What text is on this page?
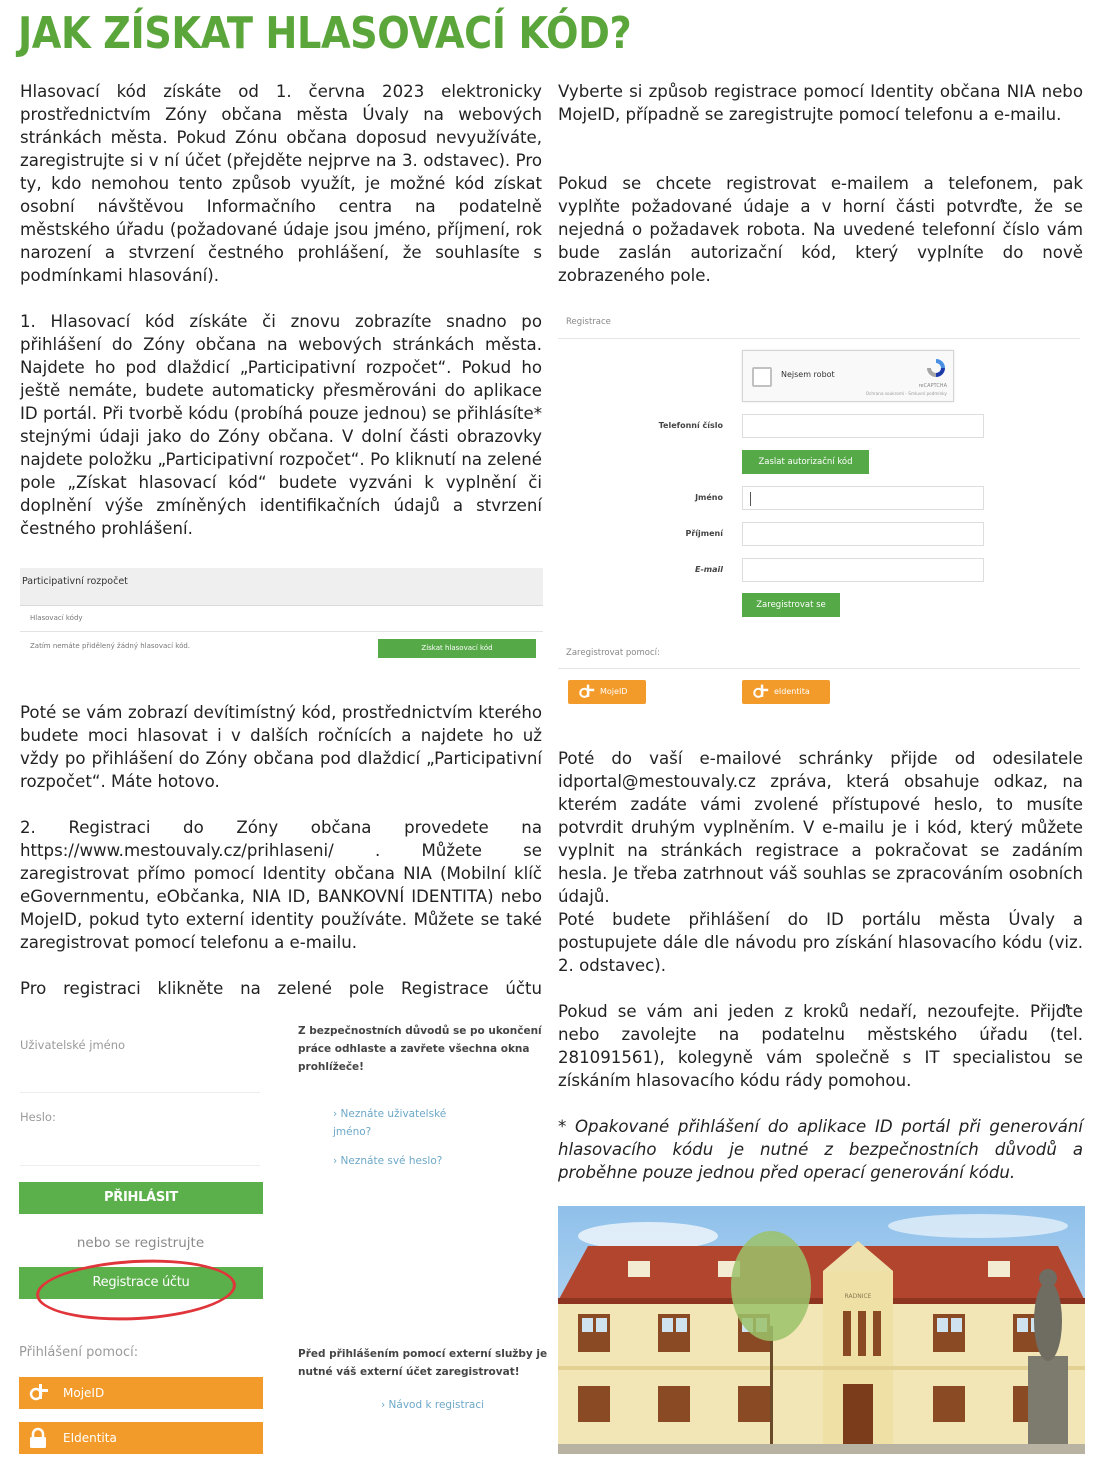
JAK ZÍSKAT HLASOVACÍ KÓD?
Hlasovací kód získáte od 1. června 2023 elektronicky prostřednictvím Zóny občana města Úvaly na webových stránkách města. Pokud Zónu občana doposud nevyužíváte, zaregistrujte si v ní účet (přejděte nejprve na 3. odstavec). Pro ty, kdo nemohou tento způsob využít, je možné kód získat osobní návštěvou Informačního centra na podatelně městského úřadu (požadované údaje jsou jméno, příjmení, rok narození a stvrzení čestného prohlášení, že souhlasíte s podmínkami hlasování).
1. Hlasovací kód získáte či znovu zobrazíte snadno po přihlášení do Zóny občana na webových stránkách města. Najdete ho pod dlaždicí „Participativní rozpočet“. Pokud ho ještě nemáte, budete automaticky přesměrováni do aplikace ID portál. Při tvorbě kódu (probíhá pouze jednou) se přihlásíte* stejnými údaji jako do Zóny občana. V dolní části obrazovky najdete položku „Participativní rozpočet“. Po kliknutí na zelené pole „Získat hlasovací kód“ budete vyzváni k vyplnění či doplnění výše zmíněných identifikačních údajů a stvrzení čestného prohlášení.
Participativní rozpočet
Hlasovací kódy
Zatím nemáte přidělený žádný hlasovací kód.	Získat hlasovací kód
Poté se vám zobrazí devítimístný kód, prostřednictvím kterého budete moci hlasovat i v dalších ročnících a najdete ho už vždy po přihlášení do Zóny občana pod dlaždicí „Participativní rozpočet“. Máte hotovo.
2. Registraci do Zóny občana provedete na https://www.mestouvaly.cz/prihlaseni/ . Můžete se zaregistrovat přímo pomocí Identity občana NIA (Mobilní klíč eGovernmentu, eObčanka, NIA ID, BANKOVNÍ IDENTITA) nebo MojeID, pokud tyto externí identity používáte. Můžete se také zaregistrovat pomocí telefonu a e-mailu.
Pro registraci klikněte na zelené pole Registrace účtu
Uživatelské jméno
Heslo:
PŘIHLÁSIT
nebo se registrujte
Registrace účtu
Přihlášení pomocí:
MojeID
EIdentita
Z bezpečnostních důvodů se po ukončení práce odhlaste a zavřete všechna okna prohlížeče!
› Neznáte uživatelské jméno?
› Neznáte své heslo?
Před přihlášením pomocí externí služby je nutné váš externí účet zaregistrovat!
› Návod k registraci
Vyberte si způsob registrace pomocí Identity občana NIA nebo MojeID, případně se zaregistrujte pomocí telefonu a e-mailu.
Pokud se chcete registrovat e-mailem a telefonem, pak vyplňte požadované údaje a v horní části potvrďte, že se nejedná o požadavek robota. Na uvedené telefonní číslo vám bude zaslán autorizační kód, který vyplníte do nově zobrazeného pole.
Registrace
Nejsem robot
reCAPTCHA
Ochrana soukromí - Smluvní podmínky
Telefonní číslo
Zaslat autorizační kód
Jméno
Příjmení
E-mail
Zaregistrovat se
Zaregistrovat pomocí:
MojeID	eIdentita
Poté do vaší e-mailové schránky přijde od odesilatele idportal@mestouvaly.cz zpráva, která obsahuje odkaz, na kterém zadáte vámi zvolené přístupové heslo, to musíte potvrdit druhým vyplněním. V e-mailu je i kód, který můžete vyplnit na stránkách registrace a pokračovat se zadáním hesla. Je třeba zatrhnout váš souhlas se zpracováním osobních údajů.
Poté budete přihlášení do ID portálu města Úvaly a postupujete dále dle návodu pro získání hlasovacího kódu (viz. 2. odstavec).
Pokud se vám ani jeden z kroků nedaří, nezoufejte. Přijďte nebo zavolejte na podatelnu městského úřadu (tel. 281091561), kolegyně vám společně s IT specialistou se získáním hlasovacího kódu rády pomohou.
* Opakované přihlášení do aplikace ID portál při generování hlasovacího kódu je nutné z bezpečnostních důvodů a proběhne pouze jednou před operací generování kódu.
RADNICE
